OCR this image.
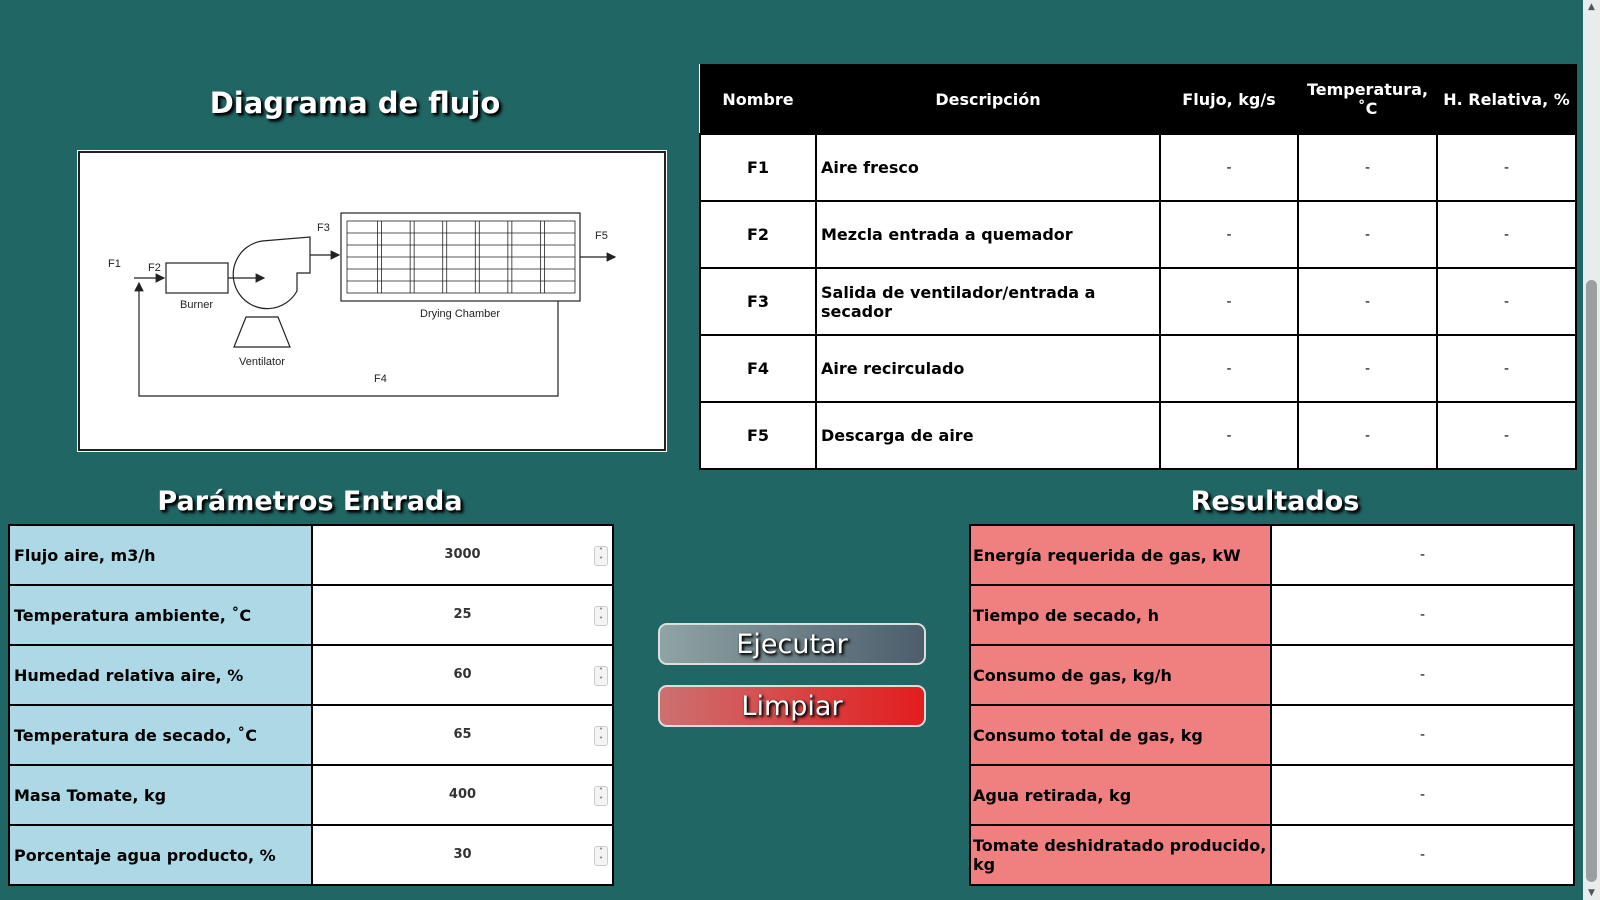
Diagrama de flujo
F1 F2
F3
F4
F5
Burner
Ventilator
Drying Chamber
Nombre	Descripción	Flujo, kg/s	Temperatura, ˚C	H. Relativa, %
F1	Aire fresco	-	-	-
F2	Mezcla entrada a quemador	-	-	-
F3	Salida de ventilador/entrada a secador	-	-	-
F4	Aire recirculado	-	-	-
F5	Descarga de aire	-	-	-
Parámetros Entrada	Resultados
Flujo aire, m3/h	3000 ˄
˅

Temperatura ambiente, ˚C	25 ˄
˅

Humedad relativa aire, %	60 ˄
˅

Temperatura de secado, ˚C	65 ˄
˅

Masa Tomate, kg	400 ˄
˅

Porcentaje agua producto, %	30 ˄
˅
Ejecutar
Limpiar
Energía requerida de gas, kW	-
Tiempo de secado, h	-
Consumo de gas, kg/h	-
Consumo total de gas, kg	-
Agua retirada, kg	-
Tomate deshidratado producido, kg	-
▲
▼
